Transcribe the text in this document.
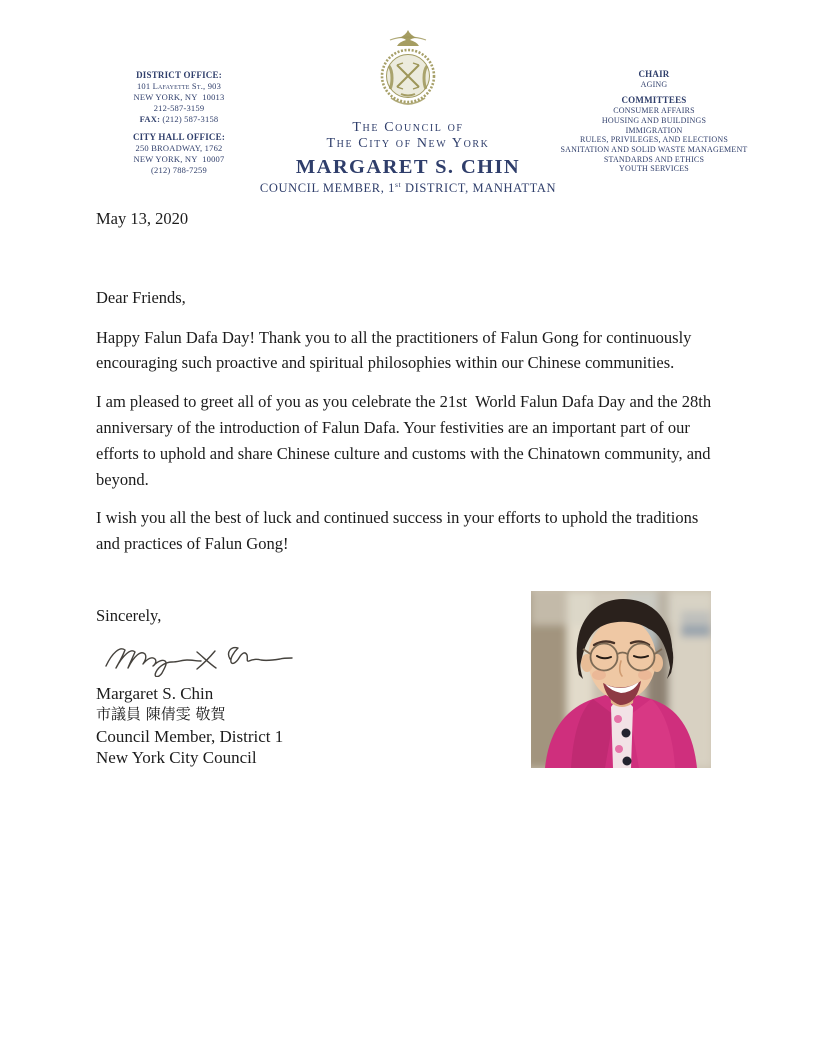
DISTRICT OFFICE:
101 Lafayette St., 903
NEW YORK, NY  10013
212-587-3159
FAX: (212) 587-3158
CITY HALL OFFICE:
250 BROADWAY, 1762
NEW YORK, NY  10007
(212) 788-7259
The Council of
The City of New York
MARGARET S. CHIN
COUNCIL MEMBER, 1st DISTRICT, MANHATTAN
CHAIR
AGING
COMMITTEES
CONSUMER AFFAIRS
HOUSING AND BUILDINGS
IMMIGRATION
RULES, PRIVILEGES, AND ELECTIONS
SANITATION AND SOLID WASTE MANAGEMENT
STANDARDS AND ETHICS
YOUTH SERVICES
May 13, 2020
Dear Friends,

Happy Falun Dafa Day! Thank you to all the practitioners of Falun Gong for continuously encouraging such proactive and spiritual philosophies within our Chinese communities.

I am pleased to greet all of you as you celebrate the 21st  World Falun Dafa Day and the 28th anniversary of the introduction of Falun Dafa. Your festivities are an important part of our efforts to uphold and share Chinese culture and customs with the Chinatown community, and beyond.

I wish you all the best of luck and continued success in your efforts to uphold the traditions and practices of Falun Gong!

Sincerely,
Margaret S. Chin
市議員 陳倩雯 敬賀
Council Member, District 1
New York City Council
